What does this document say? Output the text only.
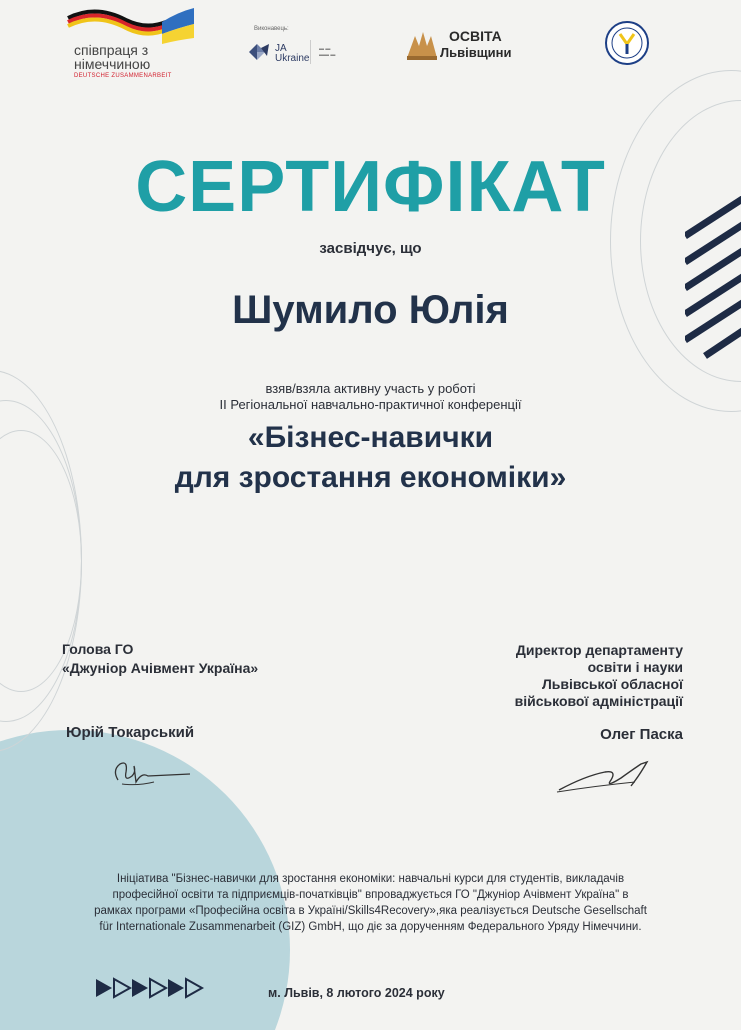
співпраця з
німеччиною
DEUTSCHE ZUSAMMENARBEIT
Виконавець:
JA
Ukraine
▬ ▬
▬▬ ▬
ОСВІТА
Львівщини
СЕРТИФІКАТ
засвідчує, що
Шумило Юлія
взяв/взяла активну участь у роботі
ІІ Регіональної навчально-практичної конференції
«Бізнес-навички
для зростання економіки»
Голова ГО
«Джуніор Ачівмент Україна»
Юрій Токарський
Директор департаменту
освіти і науки
Львівської обласної
військової адміністрації
Олег Паска
Ініціатива "Бізнес-навички для зростання економіки: навчальні курси для студентів, викладачів
професійної освіти та підприємців-початківців" впроваджується ГО "Джуніор Ачівмент Україна" в
рамках програми «Професійна освіта в Україні/Skills4Recovery»,яка реалізується Deutsche Gesellschaft
für Internationale Zusammenarbeit (GIZ) GmbH, що діє за дорученням Федерального Уряду Німеччини.
м. Львів, 8 лютого 2024 року
